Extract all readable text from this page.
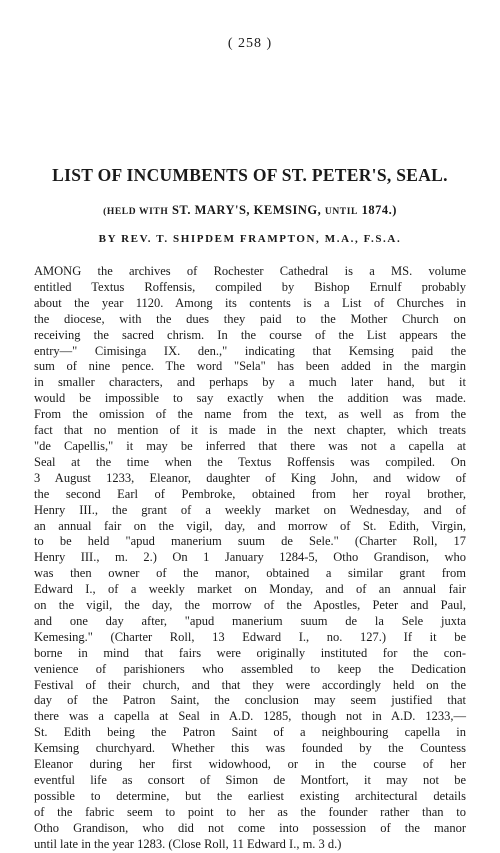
( 258 )
LIST OF INCUMBENTS OF ST. PETER'S, SEAL.
(HELD WITH ST. MARY'S, KEMSING, UNTIL 1874.)
BY REV. T. SHIPDEM FRAMPTON, M.A., F.S.A.
AMONG the archives of Rochester Cathedral is a MS. volume
entitled Textus Roffensis, compiled by Bishop Ernulf probably
about the year 1120. Among its contents is a List of Churches in
the diocese, with the dues they paid to the Mother Church on
receiving the sacred chrism. In the course of the List appears the
entry—" Cimisinga IX. den.," indicating that Kemsing paid the
sum of nine pence. The word "Sela" has been added in the margin
in smaller characters, and perhaps by a much later hand, but it
would be impossible to say exactly when the addition was made.
From the omission of the name from the text, as well as from the
fact that no mention of it is made in the next chapter, which treats
"de Capellis," it may be inferred that there was not a capella at
Seal at the time when the Textus Roffensis was compiled. On
3 August 1233, Eleanor, daughter of King John, and widow of
the second Earl of Pembroke, obtained from her royal brother,
Henry III., the grant of a weekly market on Wednesday, and of
an annual fair on the vigil, day, and morrow of St. Edith, Virgin,
to be held "apud manerium suum de Sele." (Charter Roll, 17
Henry III., m. 2.) On 1 January 1284-5, Otho Grandison, who
was then owner of the manor, obtained a similar grant from
Edward I., of a weekly market on Monday, and of an annual fair
on the vigil, the day, the morrow of the Apostles, Peter and Paul,
and one day after, "apud manerium suum de la Sele juxta
Kemesing." (Charter Roll, 13 Edward I., no. 127.) If it be
borne in mind that fairs were originally instituted for the con-
venience of parishioners who assembled to keep the Dedication
Festival of their church, and that they were accordingly held on the
day of the Patron Saint, the conclusion may seem justified that
there was a capella at Seal in A.D. 1285, though not in A.D. 1233,—
St. Edith being the Patron Saint of a neighbouring capella in
Kemsing churchyard. Whether this was founded by the Countess
Eleanor during her first widowhood, or in the course of her
eventful life as consort of Simon de Montfort, it may not be
possible to determine, but the earliest existing architectural details
of the fabric seem to point to her as the founder rather than to
Otho Grandison, who did not come into possession of the manor
until late in the year 1283. (Close Roll, 11 Edward I., m. 3 d.)
